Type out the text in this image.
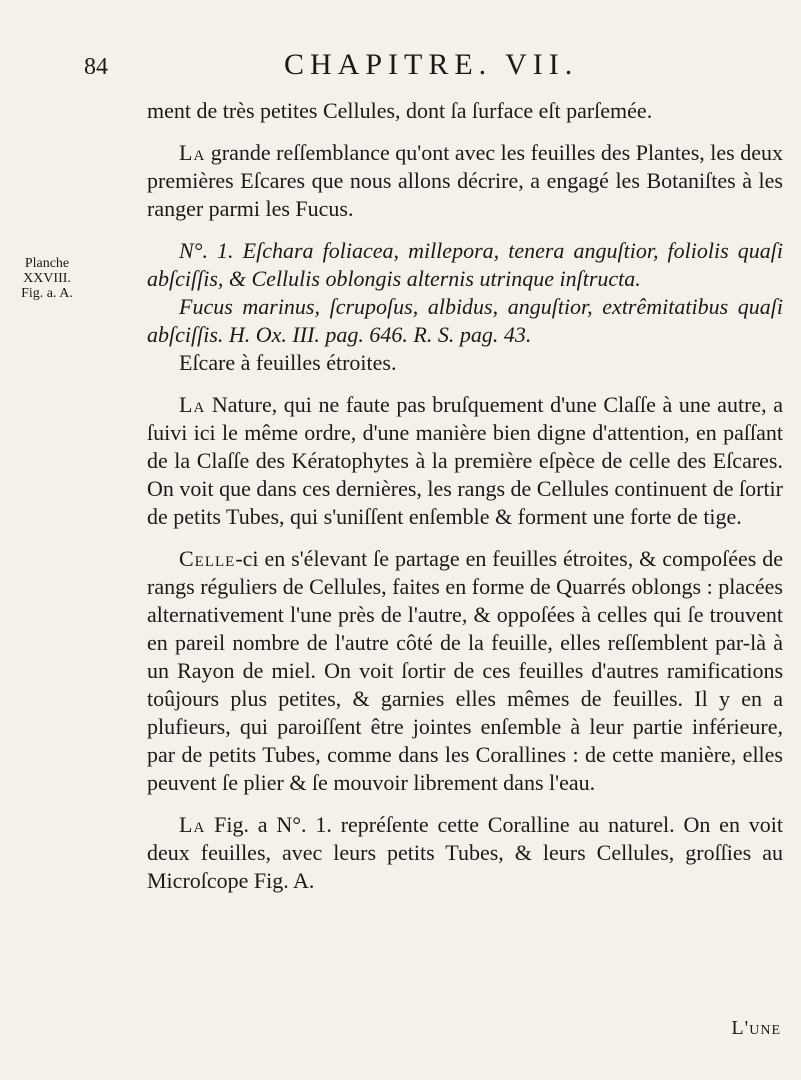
84	CHAPITRE. VII.
Planche
XXVIII.
Fig. a. A.

ment de très petites Cellules, dont ſa ſurface eſt parſemée.

La grande reſſemblance qu'ont avec les feuilles des Plantes, les deux premières Eſcares que nous allons décrire, a engagé les Botaniſtes à les ranger parmi les Fucus.

N°. 1. Eſchara foliacea, millepora, tenera anguſtior, foliolis quaſi abſciſſis, & Cellulis oblongis alternis utrinque inſtructa.

Fucus marinus, ſcrupoſus, albidus, anguſtior, extrêmitatibus quaſi abſciſſis. H. Ox. III. pag. 646. R. S. pag. 43.

Eſcare à feuilles étroites.

La Nature, qui ne faute pas bruſquement d'une Claſſe à une autre, a ſuivi ici le même ordre, d'une manière bien digne d'attention, en paſſant de la Claſſe des Kératophytes à la première eſpèce de celle des Eſcares. On voit que dans ces dernières, les rangs de Cellules continuent de ſortir de petits Tubes, qui s'uniſſent enſemble & forment une forte de tige.

Celle-ci en s'élevant ſe partage en feuilles étroites, & compoſées de rangs réguliers de Cellules, faites en forme de Quarrés oblongs : placées alternativement l'une près de l'autre, & oppoſées à celles qui ſe trouvent en pareil nombre de l'autre côté de la feuille, elles reſſemblent par-là à un Rayon de miel. On voit ſortir de ces feuilles d'autres ramifications toûjours plus petites, & garnies elles mêmes de feuilles. Il y en a plufieurs, qui paroiſſent être jointes enſemble à leur partie inférieure, par de petits Tubes, comme dans les Corallines : de cette manière, elles peuvent ſe plier & ſe mouvoir librement dans l'eau.

La Fig. a N°. 1. repréſente cette Coralline au naturel. On en voit deux feuilles, avec leurs petits Tubes, & leurs Cellules, groſſies au Microſcope Fig. A.

L'une
